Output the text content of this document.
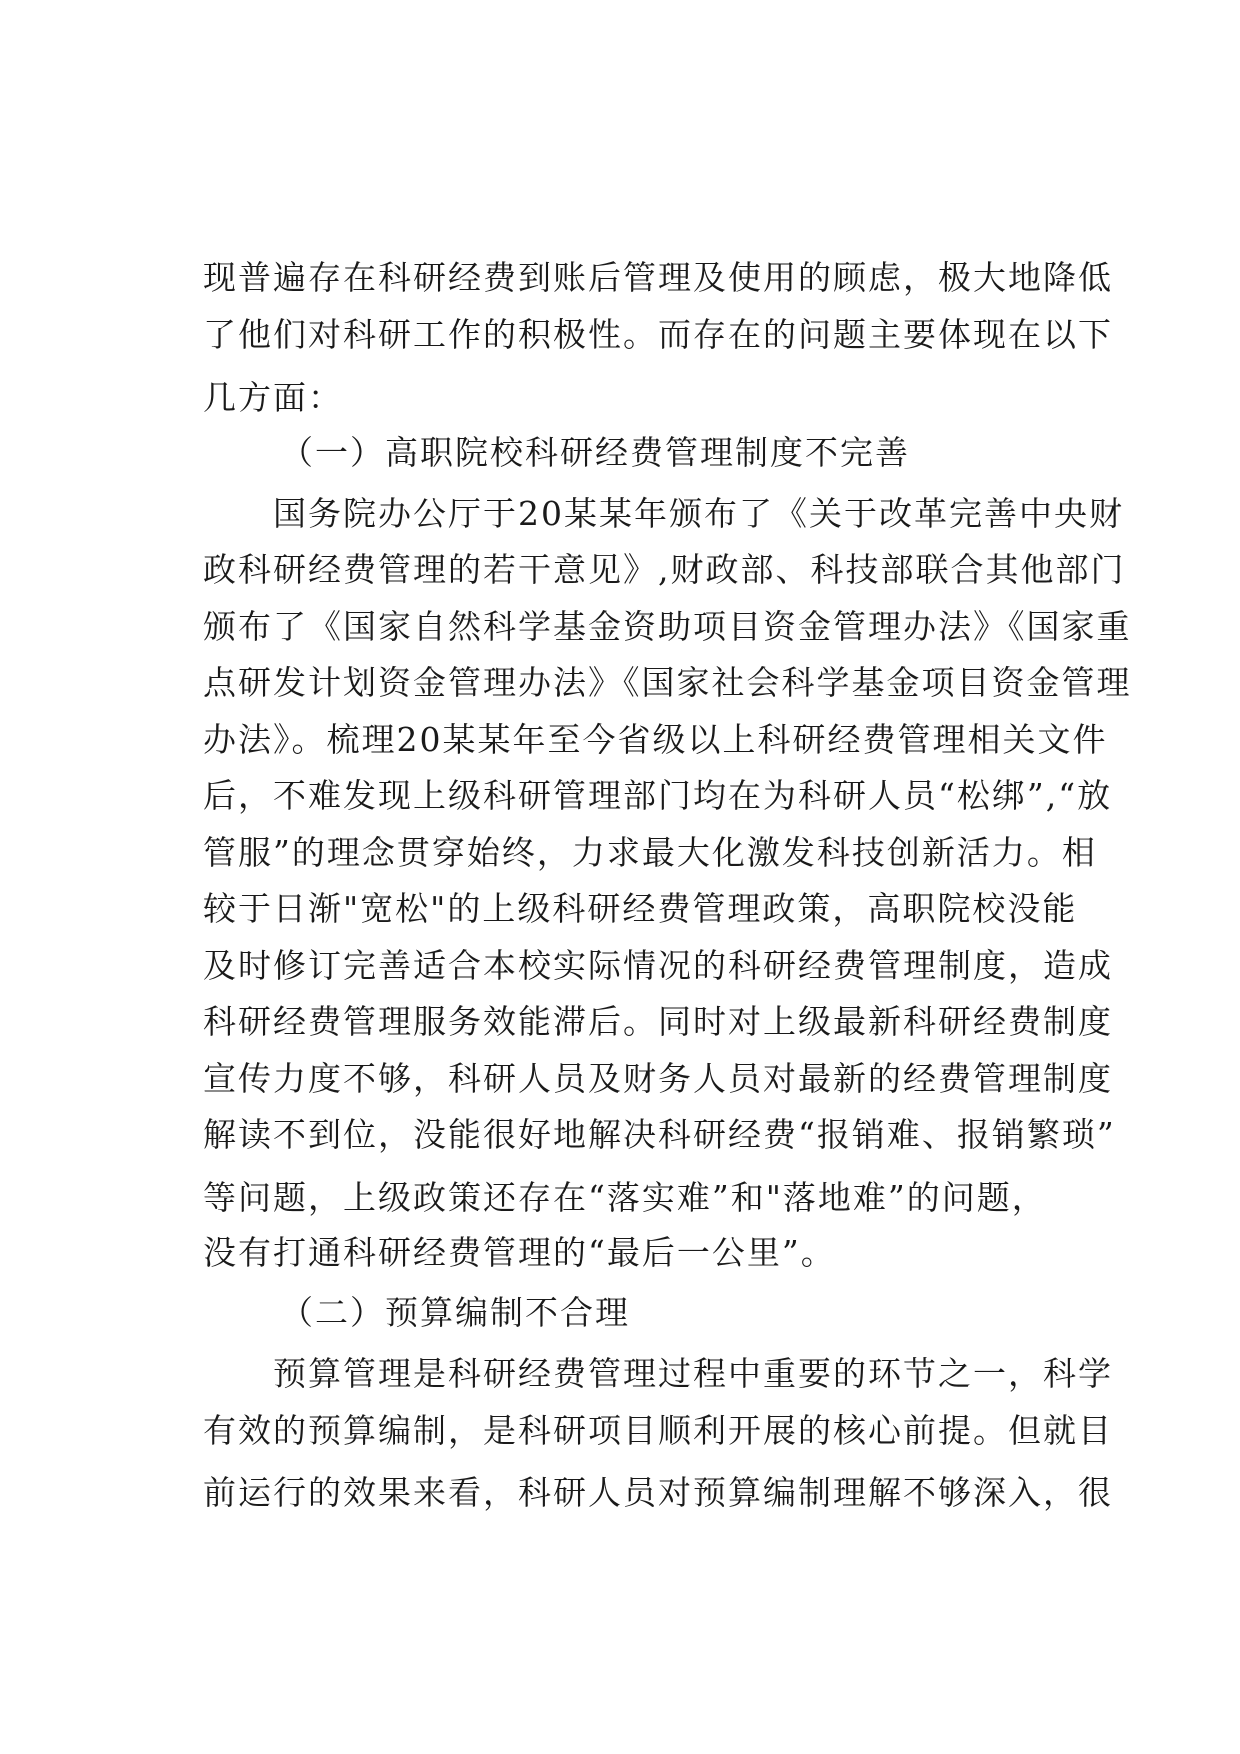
现普遍存在科研经费到账后管理及使用的顾虑，极大地降低
了他们对科研工作的积极性。而存在的问题主要体现在以下
几方面：
（一）高职院校科研经费管理制度不完善
国务院办公厅于20某某年颁布了《关于改革完善中央财
政科研经费管理的若干意见》,财政部、科技部联合其他部门
颁布了《国家自然科学基金资助项目资金管理办法》《国家重
点研发计划资金管理办法》《国家社会科学基金项目资金管理
办法》。梳理20某某年至今省级以上科研经费管理相关文件
后，不难发现上级科研管理部门均在为科研人员“松绑”,“放
管服”的理念贯穿始终，力求最大化激发科技创新活力。相
较于日渐"宽松"的上级科研经费管理政策，高职院校没能
及时修订完善适合本校实际情况的科研经费管理制度，造成
科研经费管理服务效能滞后。同时对上级最新科研经费制度
宣传力度不够，科研人员及财务人员对最新的经费管理制度
解读不到位，没能很好地解决科研经费“报销难、报销繁琐”
等问题，上级政策还存在“落实难”和"落地难”的问题，
没有打通科研经费管理的“最后一公里”。
（二）预算编制不合理
预算管理是科研经费管理过程中重要的环节之一，科学
有效的预算编制，是科研项目顺利开展的核心前提。但就目
前运行的效果来看，科研人员对预算编制理解不够深入，很
